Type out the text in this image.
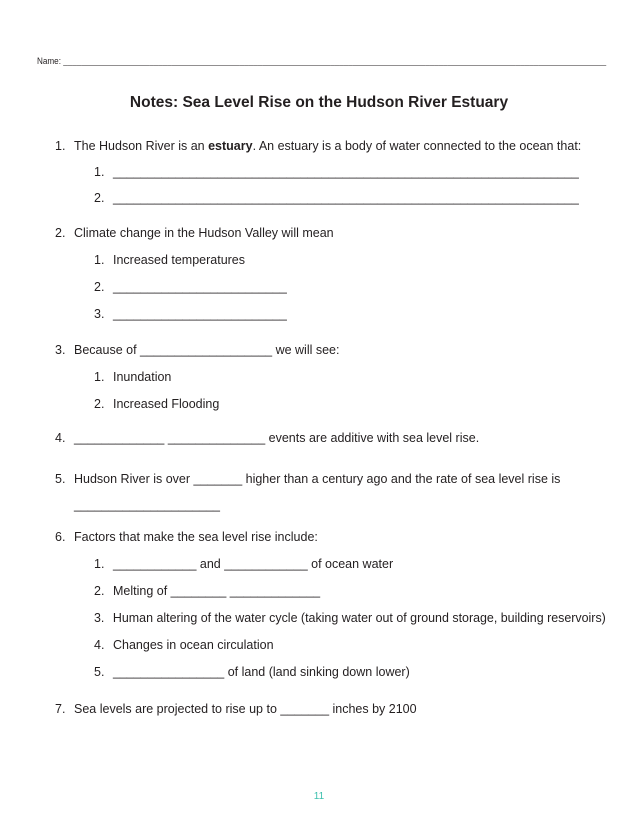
Name: ________________________________________________________________________________________________________________________
Notes: Sea Level Rise on the Hudson River Estuary
1. The Hudson River is an estuary. An estuary is a body of water connected to the ocean that:
1. ___________________________________________________________________
2. ___________________________________________________________________
2. Climate change in the Hudson Valley will mean
1. Increased temperatures
2. _________________________
3. _________________________
3. Because of ___________________ we will see:
1. Inundation
2. Increased Flooding
4. _____________ ______________ events are additive with sea level rise.
5. Hudson River is over _______ higher than a century ago and the rate of sea level rise is
_____________________
6. Factors that make the sea level rise include:
1. ____________ and ____________ of ocean water
2. Melting of ________ _____________
3. Human altering of the water cycle (taking water out of ground storage, building reservoirs)
4. Changes in ocean circulation
5. ________________ of land (land sinking down lower)
7. Sea levels are projected to rise up to _______ inches by 2100
11
